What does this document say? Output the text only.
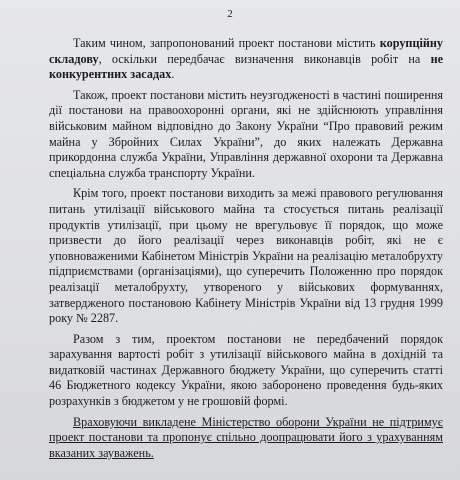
2

Таким чином, запропонований проект постанови містить корупційну складову, оскільки передбачає визначення виконавців робіт на не конкурентних засадах.

Також, проект постанови містить неузгодженості в частині поширення дії постанови на правоохоронні органи, які не здійснюють управління військовим майном відповідно до Закону України “Про правовий режим майна у Збройних Силах України”, до яких належать Державна прикордонна служба України, Управління державної охорони та Державна спеціальна служба транспорту України.

Крім того, проект постанови виходить за межі правового регулювання питань утилізації військового майна та стосується питань реалізації продуктів утилізації, при цьому не врегульовує її порядок, що може призвести до його реалізації через виконавців робіт, які не є уповноваженими Кабінетом Міністрів України на реалізацію металобрухту підприємствами (організаціями), що суперечить Положенню про порядок реалізації металобрухту, утвореного у військових формуваннях, затвердженого постановою Кабінету Міністрів України від 13 грудня 1999 року № 2287.

Разом з тим, проектом постанови не передбачений порядок зарахування вартості робіт з утилізації військового майна в дохідній та видатковій частинах Державного бюджету України, що суперечить статті 46 Бюджетного кодексу України, якою заборонено проведення будь-яких розрахунків з бюджетом у не грошовій формі.

Враховуючи викладене Міністерство оборони України не підтримує проект постанови та пропонує спільно доопрацювати його з урахуванням вказаних зауважень.
